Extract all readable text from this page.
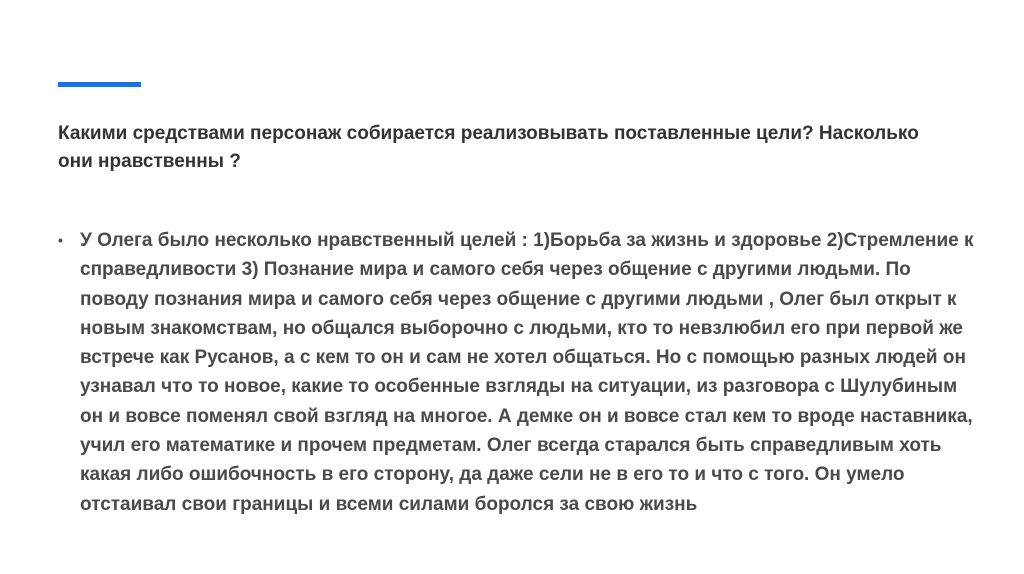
Какими средствами персонаж собирается реализовывать поставленные цели? Насколько они нравственны ?
• У Олега было несколько нравственный целей : 1)Борьба за жизнь и здоровье 2)Стремление к справедливости 3) Познание мира и самого себя через общение с другими людьми. По поводу познания мира и самого себя через общение с другими людьми , Олег был открыт к новым знакомствам, но общался выборочно с людьми, кто то невзлюбил его при первой же встрече как Русанов, а с кем то он и сам не хотел общаться. Но с помощью разных людей он узнавал что то новое, какие то особенные взгляды на ситуации, из разговора с Шулубиным он и вовсе поменял свой взгляд на многое. А демке он и вовсе стал кем то вроде наставника, учил его математике и прочем предметам. Олег всегда старался быть справедливым хоть какая либо ошибочность в его сторону, да даже сели не в его то и что с того. Он умело отстаивал свои границы и всеми силами боролся за свою жизнь
